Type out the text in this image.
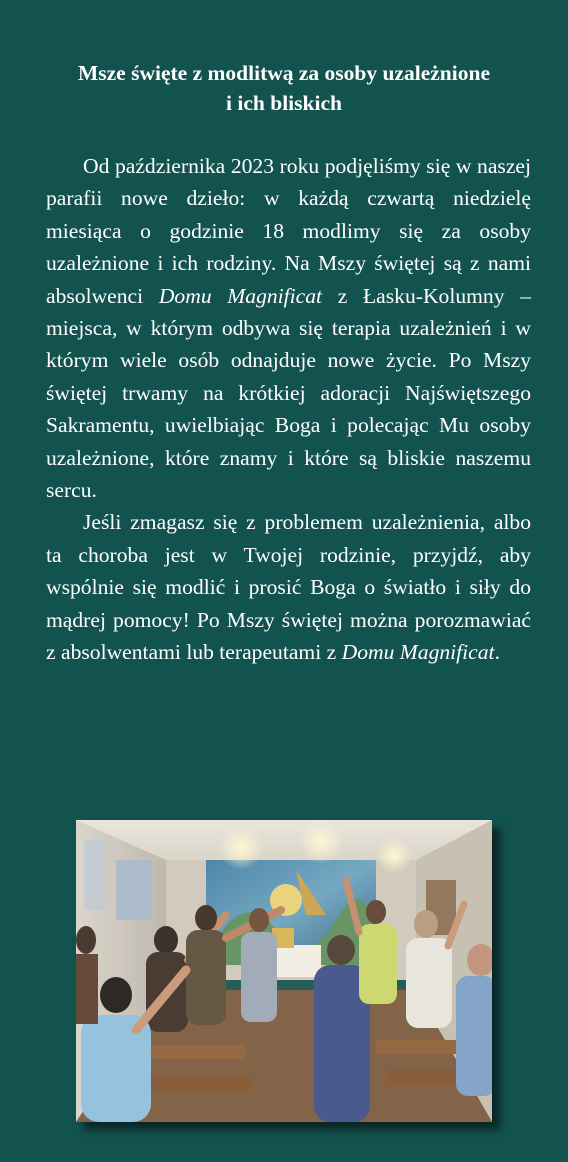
Msze święte z modlitwą za osoby uzależnione
i ich bliskich

Od października 2023 roku podjęliśmy się w naszej parafii nowe dzieło: w każdą czwartą niedzielę miesiąca o godzinie 18 modlimy się za osoby uzależnione i ich rodziny. Na Mszy świętej są z nami absolwenci Domu Magnificat z Łasku-Kolumny – miejsca, w którym odbywa się terapia uzależnień i w którym wiele osób odnajduje nowe życie. Po Mszy świętej trwamy na krótkiej adoracji Najświętszego Sakramentu, uwielbiając Boga i polecając Mu osoby uzależnione, które znamy i które są bliskie naszemu sercu.

Jeśli zmagasz się z problemem uzależnienia, albo ta choroba jest w Twojej rodzinie, przyjdź, aby wspólnie się modlić i prosić Boga o światło i siły do mądrej pomocy! Po Mszy świętej można porozmawiać z absolwentami lub terapeutami z Domu Magnificat.
